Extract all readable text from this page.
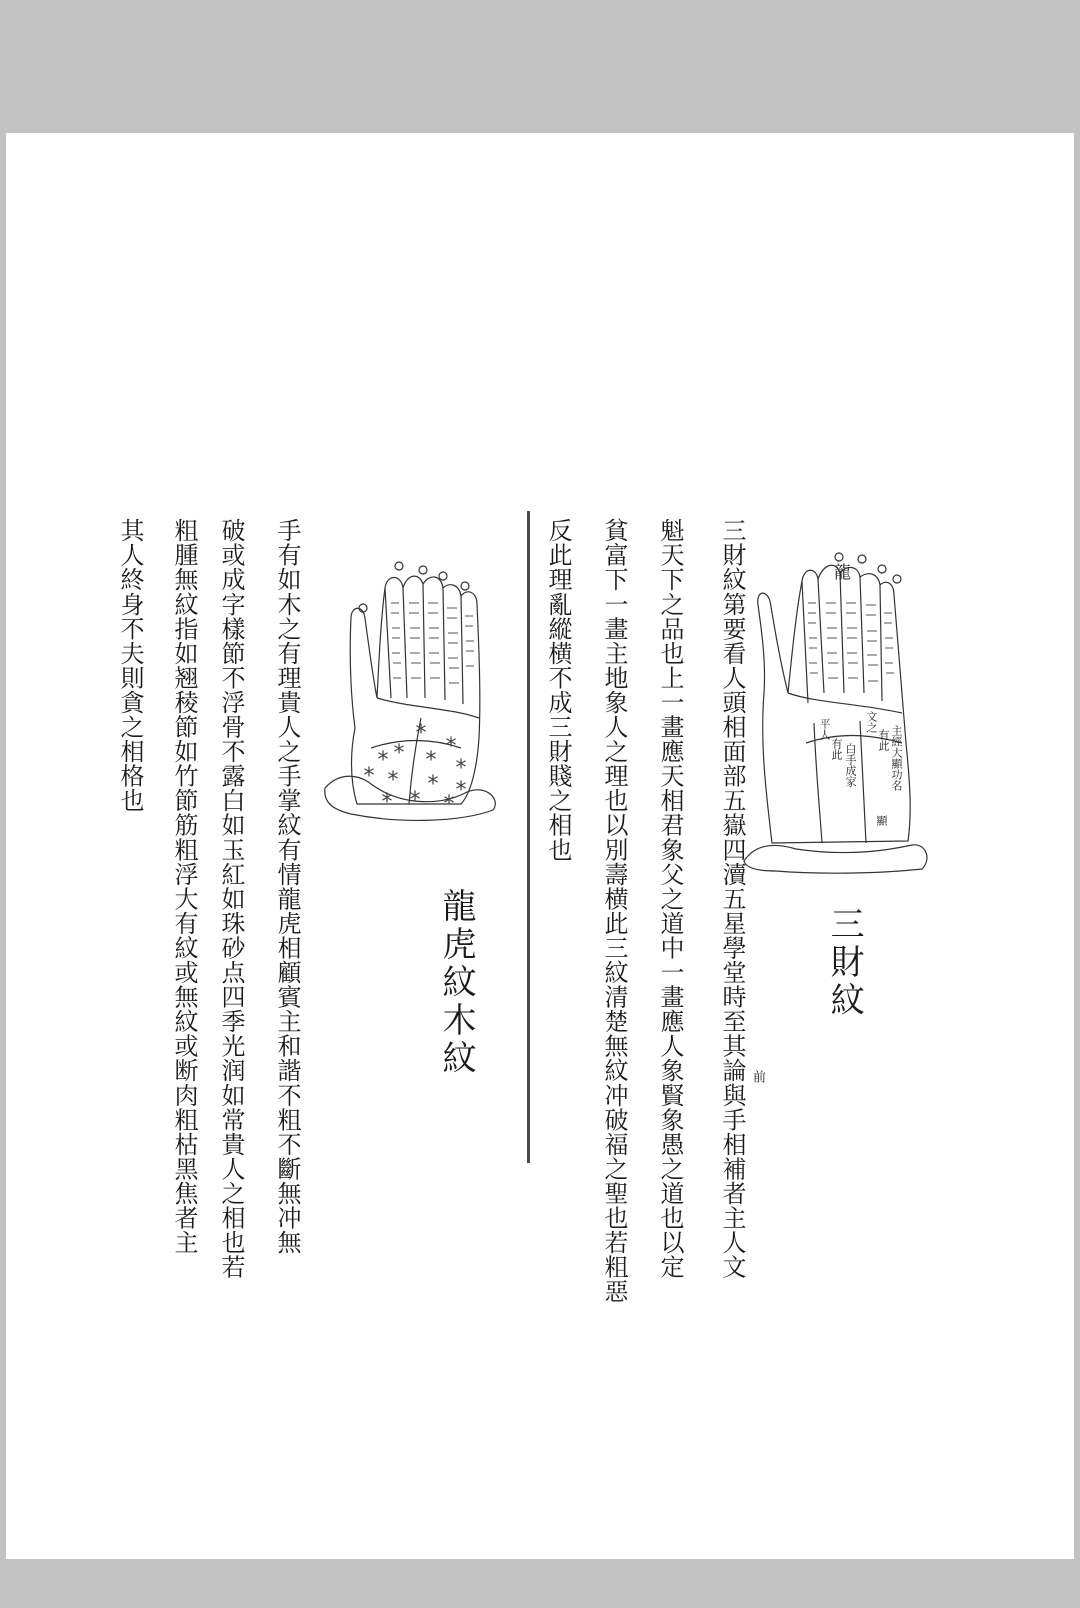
三財紋第要看人頭相面部五嶽四瀆五星學堂時至其論與手相補者主人文
魁天下之品也上一畫應天相君象父之道中一畫應人象賢象愚之道也以定
貧富下一畫主地象人之理也以別壽横此三紋清楚無紋冲破福之聖也若粗惡
反此理亂縱横不成三財賤之相也
前
手有如木之有理貴人之手掌紋有情龍虎相顧賓主和諧不粗不斷無冲無
破或成字樣節不浮骨不露白如玉紅如珠砂点四季光润如常貴人之相也若
粗腫無紋指如翘稜節如竹節筋粗浮大有紋或無紋或断肉粗枯黑焦者主
其人終身不夫則貪之相格也
三財紋
龍虎紋木紋
龍
文之
有此 主經大顯功名
顯
平人
有此 白手成家
⁎
⁎
⁎ ⁎ ⁎ ⁎
⁎ ⁎ ⁎ ⁎
⁎ ⁎ ⁎
